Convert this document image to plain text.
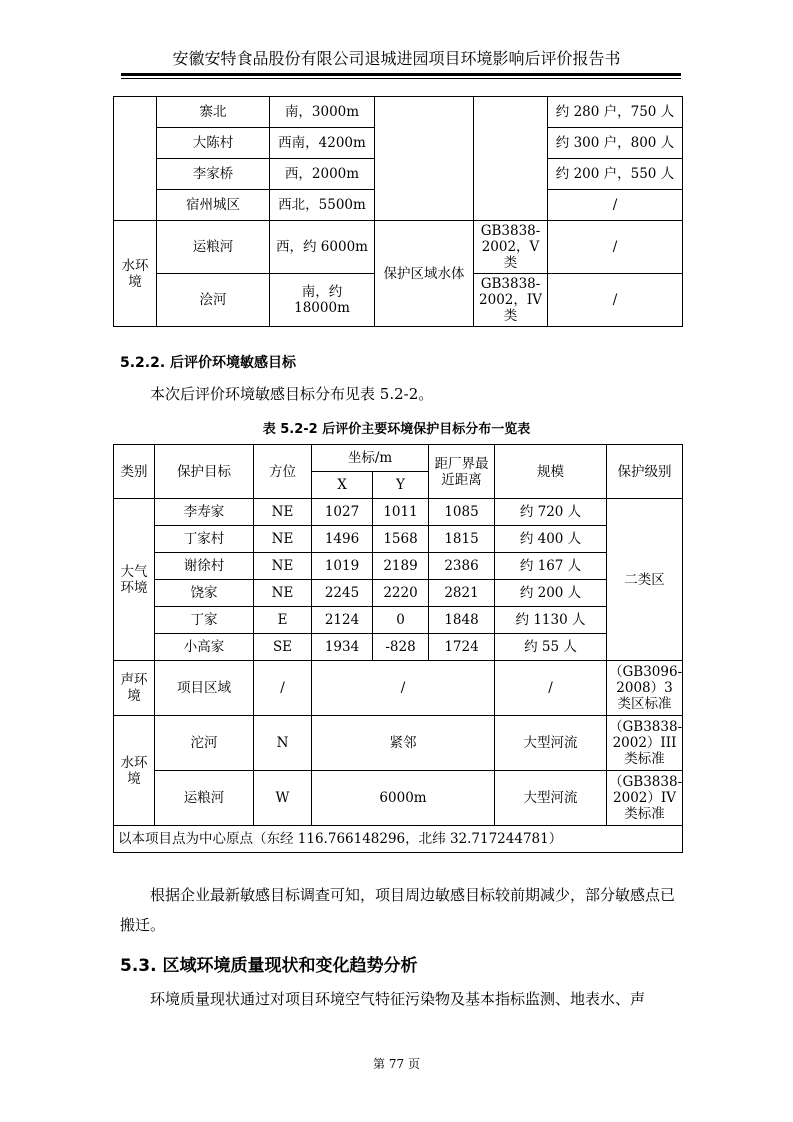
安徽安特食品股份有限公司退城进园项目环境影响后评价报告书
	寨北	南，3000m			约 280 户，750 人
	大陈村	西南，4200m			约 300 户，800 人
	李家桥	西，2000m			约 200 户，550 人
	宿州城区	西北，5500m			/
水环境	运粮河	西，约 6000m	保护区域水体	GB3838-2002，V类	/
	浍河	南，约 18000m		GB3838-2002，IV类	/
5.2.2. 后评价环境敏感目标
本次后评价环境敏感目标分布见表 5.2-2。
表 5.2-2 后评价主要环境保护目标分布一览表
类别	保护目标	方位	坐标/m		距厂界最近距离	规模	保护级别
			X	Y			
大气环境	李寿家	NE	1027	1011	1085	约 720 人	二类区
	丁家村	NE	1496	1568	1815	约 400 人	
	谢徐村	NE	1019	2189	2386	约 167 人	
	饶家	NE	2245	2220	2821	约 200 人	
	丁家	E	2124	0	1848	约 1130 人	
	小高家	SE	1934	-828	1724	约 55 人	
声环境	项目区域	/	/			/	（GB3096-2008）3 类区标准
水环境	沱河	N	紧邻			大型河流	（GB3838-2002）III类标准
	运粮河	W	6000m			大型河流	（GB3838-2002）IV类标准
以本项目点为中心原点（东经 116.766148296，北纬 32.717244781）							
根据企业最新敏感目标调查可知，项目周边敏感目标较前期减少，部分敏感点已搬迁。
5.3. 区域环境质量现状和变化趋势分析
环境质量现状通过对项目环境空气特征污染物及基本指标监测、地表水、声
第 77 页
